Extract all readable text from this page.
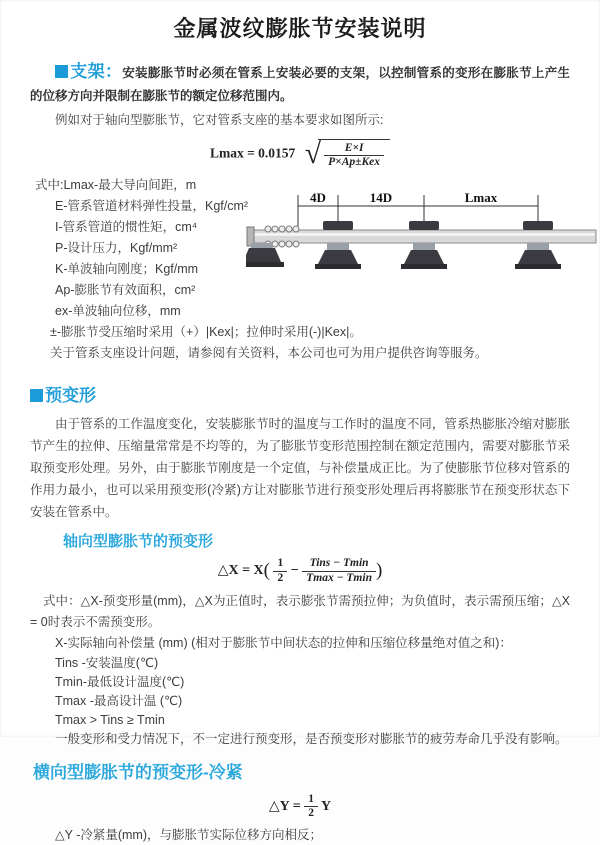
金属波纹膨胀节安装说明

支架：安装膨胀节时必须在管系上安装必要的支架，以控制管系的变形在膨胀节上产生的位移方向并限制在膨胀节的额定位移范围内。

例如对于轴向型膨胀节，它对管系支座的基本要求如图所示:

Lmax = 0.0157 √ $\frac{E\times I}{\text{P×Ap±Kex}}$
式中:Lmax-最大导向间距，m
E-管系管道材料弹性投量，Kgf/cm²
I-管系管道的惯性矩，cm⁴
P-设计压力，Kgf/mm²
K-单波轴向刚度；Kgf/mm
Ap-膨胀节有效面积，cm²
ex-单波轴向位移，mm
±-膨胀节受压缩时采用（+）|Kex|；拉伸时采用(-)|Kex|。
关于管系支座设计问题，请参阅有关资料，本公司也可为用户提供咨询等服务。
4D	14D	Lmax
预变形

由于管系的工作温度变化，安装膨胀节时的温度与工作时的温度不同，管系热膨胀冷缩对膨胀节产生的拉伸、压缩量常常是不均等的，为了膨胀节变形范围控制在额定范围内，需要对膨胀节采取预变形处理。另外，由于膨胀节刚度是一个定值，与补偿量成正比。为了使膨胀节位移对管系的作用力最小，也可以采用预变形(冷紧)方让对膨胀节进行预变形处理后再将膨胀节在预变形状态下安装在管系中。

轴向型膨胀节的预变形
△X = $X( \frac{1}{2} - \frac{\text{Tins − Tmin}}{Tmax - Tmin}$ )

式中：△X-预变形量(mm)，△X为正值时，表示膨张节需预拉伸；为负值时，表示需预压缩；△X = 0时表示不需预变形。

X-实际轴向补偿量 (mm) (相对于膨胀节中间状态的拉伸和压缩位移量绝对值之和)：
Tins -安装温度(℃)
Tmin-最低设计温度(℃)
Tmax -最高设计温 (℃)
Tmax > Tins ≥ Tmin

一般变形和受力情况下，不一定进行预变形，是否预变形对膨胀节的疲劳寿命几乎没有影响。

横向型膨胀节的预变形-冷紧
△Y = $\frac{1}{2}$ Y
△Y -冷紧量(mm)，与膨胀节实际位移方向相反；
